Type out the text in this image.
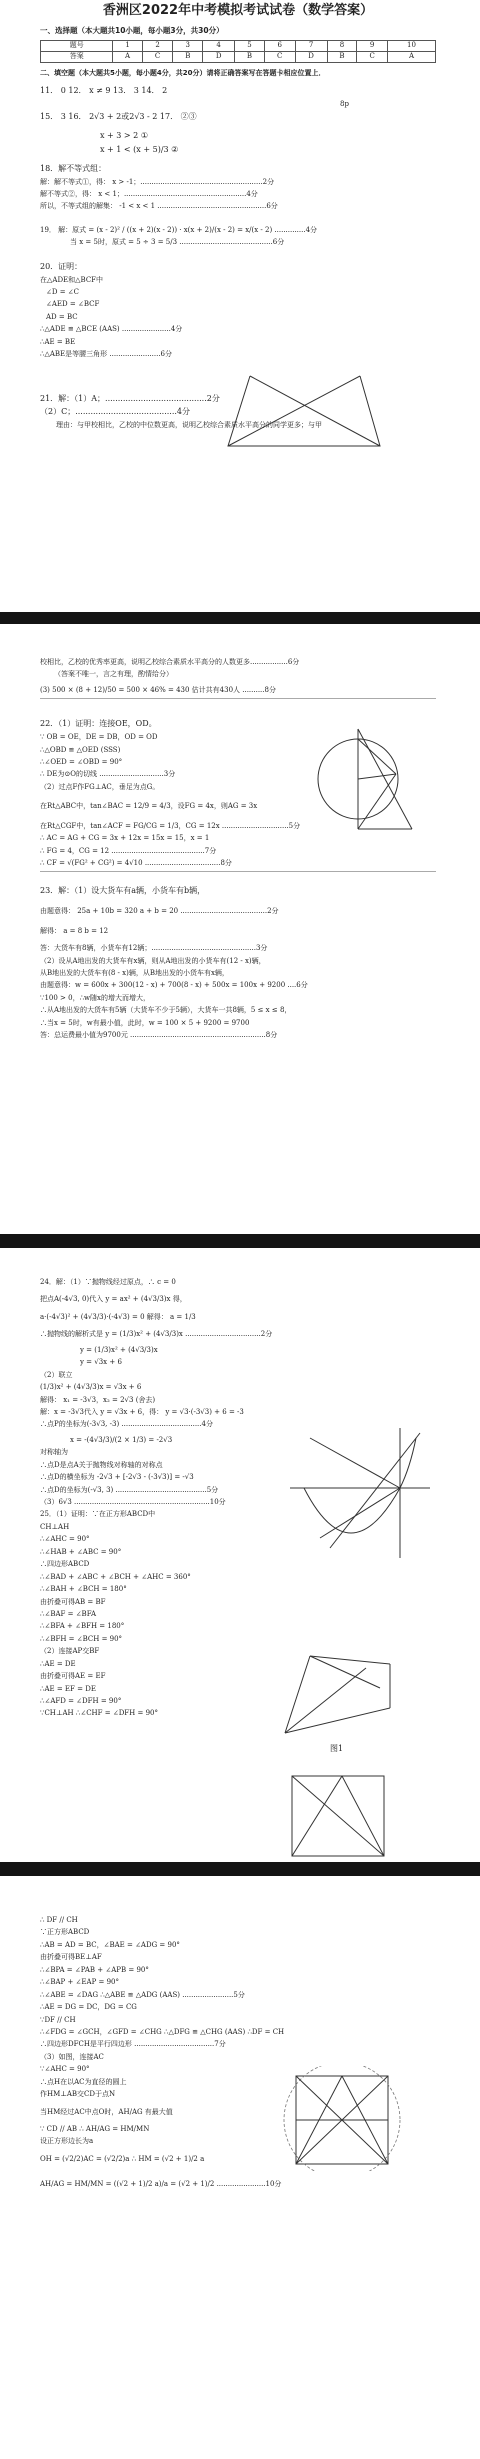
香洲区2022年中考模拟考试试卷（数学答案）
一、选择题（本大题共10小题，每小题3分，共30分）
题号	1	2	3	4	5	6	7	8	9	10
答案	A	C	B	D	B	C	D	B	C	A
二、填空题（本大题共5小题，每小题4分，共20分）请将正确答案写在答题卡相应位置上．
11． 0 12． x ≠ 9 13． 3 14． 2
8p
15． 3 16． 2√3 + 2或2√3 - 2 17． ②③
x + 3 > 2 ①
x + 1 < (x + 5)/3 ②
18．解不等式组：
解：解不等式①，得： x > -1；.......................................................2分
解不等式②，得： x < 1；.......................................................4分
所以，不等式组的解集： -1 < x < 1 .................................................6分
19． 解：原式 = (x - 2)² / ((x + 2)(x - 2)) · x(x + 2)/(x - 2) = x/(x - 2) ..............4分
当 x = 5时，原式 = 5 ÷ 3 = 5/3 ..........................................6分
20．证明：
在△ADE和△BCF中
∠D = ∠C
∠AED = ∠BCF
AD = BC
∴△ADE ≌ △BCE (AAS) ......................4分
∴AE = BE
∴△ABE是等腰三角形 .......................6分
21．解：（1）A；........................................2分
（2）C；........................................4分
理由：与甲校相比，乙校的中位数更高，说明乙校综合素质水平高分的同学更多；与甲
校相比，乙校的优秀率更高，说明乙校综合素质水平高分的人数更多.................6分
（答案不唯一，言之有理，酌情给分）
(3) 500 × (8 + 12)/50 = 500 × 46% = 430 估计共有430人 ..........8分
22．（1）证明：连接OE，OD。
∵ OB = OE，DE = DB，OD = OD
∴△OBD ≌ △OED (SSS)
∴∠OED = ∠OBD = 90°
∴ DE为⊙O的切线 .............................3分
（2）过点F作FG⊥AC，垂足为点G。
在Rt△ABC中，tan∠BAC = 12/9 = 4/3，设FG = 4x，则AG = 3x
在Rt△CGF中，tan∠ACF = FG/CG = 1/3，CG = 12x ..............................5分
∴ AC = AG + CG = 3x + 12x = 15x = 15，x = 1
∴ FG = 4，CG = 12 ..........................................7分
∴ CF = √(FG² + CG²) = 4√10 ..................................8分
23．解：（1）设大货车有a辆，小货车有b辆，
由题意得： 25a + 10b = 320 a + b = 20 .......................................2分
解得： a = 8 b = 12
答：大货车有8辆，小货车有12辆；...............................................3分
（2）设从A地出发的大货车有x辆，则从A地出发的小货车有(12 - x)辆，
从B地出发的大货车有(8 - x)辆，从B地出发的小货车有x辆，
由题意得：w = 600x + 300(12 - x) + 700(8 - x) + 500x = 100x + 9200 ....6分
∵100 > 0，∴w随x的增大而增大，
∴从A地出发的大货车有5辆（大货车不少于5辆），大货车一共8辆，5 ≤ x ≤ 8，
∴当x = 5时，w有最小值，此时，w = 100 × 5 + 9200 = 9700
答：总运费最小值为9700元 .............................................................8分
24．解：（1）∵抛物线经过原点，∴ c = 0
把点A(-4√3, 0)代入 y = ax² + (4√3/3)x 得，
a·(-4√3)² + (4√3/3)·(-4√3) = 0 解得： a = 1/3
∴抛物线的解析式是 y = (1/3)x² + (4√3/3)x ..................................2分
y = (1/3)x² + (4√3/3)x
y = √3x + 6
（2）联立
(1/3)x² + (4√3/3)x = √3x + 6
解得： x₁ = -3√3，x₂ = 2√3 (舍去)
解：x = -3√3代入 y = √3x + 6，得： y = √3·(-3√3) + 6 = -3
∴点P的坐标为(-3√3, -3) ....................................4分
x = -(4√3/3)/(2 × 1/3) = -2√3
对称轴为
∴点D是点A关于抛物线对称轴的对称点
∴点D的横坐标为 -2√3 + [-2√3 - (-3√3)] = -√3
∴点D的坐标为(-√3, 3) .........................................5分
（3）6√3 .............................................................10分
25．（1）证明：∵在正方形ABCD中
CH⊥AH
∴∠AHC = 90°
∴∠HAB + ∠ABC = 90°
∴四边形ABCD
∴∠BAD + ∠ABC + ∠BCH + ∠AHC = 360°
∴∠BAH + ∠BCH = 180°
由折叠可得AB = BF
∴∠BAF = ∠BFA
∴∠BFA + ∠BFH = 180°
∴∠BFH = ∠BCH = 90°
（2）连接AP交BF
∴AE = DE
由折叠可得AE = EF
∴AE = EF = DE
∴∠AFD = ∠DFH = 90°
∵CH⊥AH ∴∠CHF = ∠DFH = 90°
图1
∴ DF // CH
∵正方形ABCD
∴AB = AD = BC，∠BAE = ∠ADG = 90°
由折叠可得BE⊥AF
∴∠BPA = ∠PAB + ∠APB = 90°
∴∠BAP + ∠EAP = 90°
∴∠ABE = ∠DAG ∴△ABE ≌ △ADG (AAS) .......................5分
∴AE = DG = DC，DG = CG
∵DF // CH
∴∠FDG = ∠GCH，∠GFD = ∠CHG ∴△DFG ≌ △CHG (AAS) ∴DF = CH
∴四边形DFCH是平行四边形 ....................................7分
（3）如图，连接AC
∵∠AHC = 90°
∴点H在以AC为直径的圆上
作HM⊥AB交CD于点N
当HM经过AC中点O时，AH/AG 有最大值
∵ CD // AB ∴ AH/AG = HM/MN
设正方形边长为a
OH = (√2/2)AC = (√2/2)a ∴ HM = (√2 + 1)/2 a
AH/AG = HM/MN = ((√2 + 1)/2 a)/a = (√2 + 1)/2 ......................10分
